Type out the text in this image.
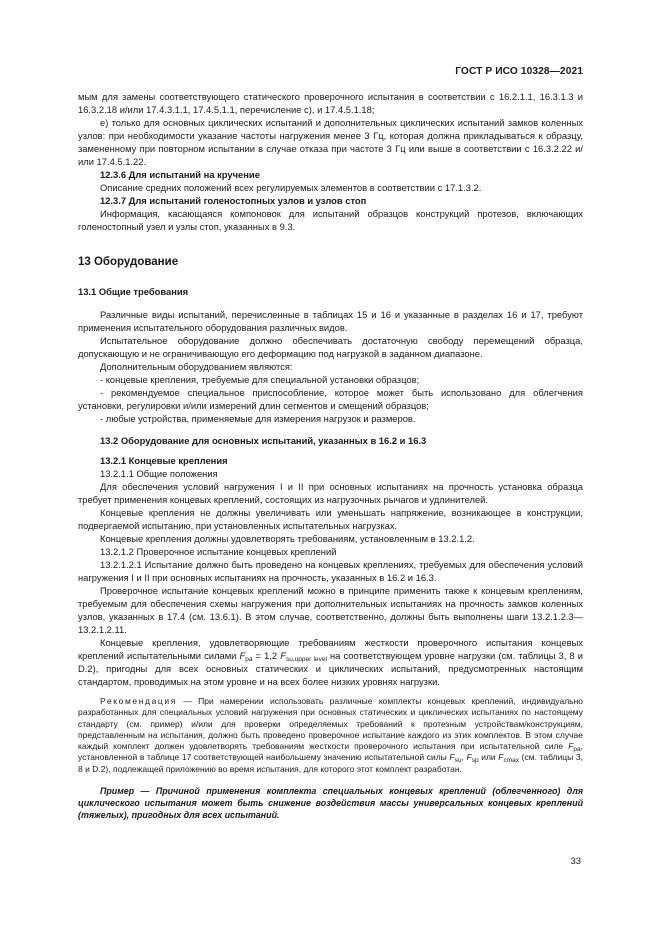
ГОСТ Р ИСО 10328—2021

мым для замены соответствующего статического проверочного испытания в соответствии с 16.2.1.1, 16.3.1.3 и 16.3.2.18 и/или 17.4.3.1.1, 17.4.5.1.1, перечисление с), и 17.4.5.1.18;

е) только для основных циклических испытаний и дополнительных циклических испытаний замков коленных узлов: при необходимости указание частоты нагружения менее 3 Гц, которая должна прикладываться к образцу, замененному при повторном испытании в случае отказа при частоте 3 Гц или выше в соответствии с 16.3.2.22 и/или 17.4.5.1.22.

12.3.6 Для испытаний на кручение

Описание средних положений всех регулируемых элементов в соответствии с 17.1.3.2.

12.3.7 Для испытаний голеностопных узлов и узлов стоп

Информация, касающаяся компоновок для испытаний образцов конструкций протезов, включающих голеностопный узел и узлы стоп, указанных в 9.3.

13 Оборудование

13.1 Общие требования

Различные виды испытаний, перечисленные в таблицах 15 и 16 и указанные в разделах 16 и 17, требуют применения испытательного оборудования различных видов.

Испытательное оборудование должно обеспечивать достаточную свободу перемещений образца, допускающую и не ограничивающую его деформацию под нагрузкой в заданном диапазоне.

Дополнительным оборудованием являются:

- концевые крепления, требуемые для специальной установки образцов;

- рекомендуемое специальное приспособление, которое может быть использовано для облегчения установки, регулировки и/или измерений длин сегментов и смещений образцов;

- любые устройства, применяемые для измерения нагрузок и размеров.

13.2 Оборудование для основных испытаний, указанных в 16.2 и 16.3

13.2.1 Концевые крепления

13.2.1.1 Общие положения

Для обеспечения условий нагружения I и II при основных испытаниях на прочность установка образца требует применения концевых креплений, состоящих из нагрузочных рычагов и удлинителей.

Концевые крепления не должны увеличивать или уменьшать напряжение, возникающее в конструкции, подвергаемой испытанию, при установленных испытательных нагрузках.

Концевые крепления должны удовлетворять требованиям, установленным в 13.2.1.2.

13.2.1.2 Проверочное испытание концевых креплений

13.2.1.2.1 Испытание должно быть проведено на концевых креплениях, требуемых для обеспечения условий нагружения I и II при основных испытаниях на прочность, указанных в 16.2 и 16.3.

Проверочное испытание концевых креплений можно в принципе применить также к концевым креплениям, требуемым для обеспечения схемы нагружения при дополнительных испытаниях на прочность замков коленных узлов, указанных в 17.4 (см. 13.6.1). В этом случае, соответственно, должны быть выполнены шаги 13.2.1.2.3—13.2.1.2.11.

Концевые крепления, удовлетворяющие требованиям жесткости проверочного испытания концевых креплений испытательными силами $F_{pa} = 1,2$ $F_{su,upper level}$ на соответствующем уровне нагрузки (см. таблицы 3, 8 и D.2), пригодны для всех основных статических и циклических испытаний, предусмотренных настоящим стандартом, проводимых на этом уровне и на всех более низких уровнях нагрузки.

Рекомендация — При намерении использовать различные комплекты концевых креплений, индивидуально разработанных для специальных условий нагружения при основных статических и циклических испытаниях по настоящему стандарту (см. пример) и/или для проверки определяемых требований к протезным устройствам/конструкциям, представленным на испытания, должно быть проведено проверочное испытание каждого из этих комплектов. В этом случае каждый комплект должен удовлетворять требованиям жесткости проверочного испытания при испытательной силе $F_{pa}$, установленной в таблице 17 соответствующей наибольшему значению испытательной силы $F_{su}$, $F_{sp}$ или $F_{cmax}$ (см. таблицы 3, 8 и D.2), подлежащей приложению во время испытания, для которого этот комплект разработан.

Пример — Причиной применения комплекта специальных концевых креплений (облегченного) для циклического испытания может быть снижение воздействия массы универсальных концевых креплений (тяжелых), пригодных для всех испытаний.

33
